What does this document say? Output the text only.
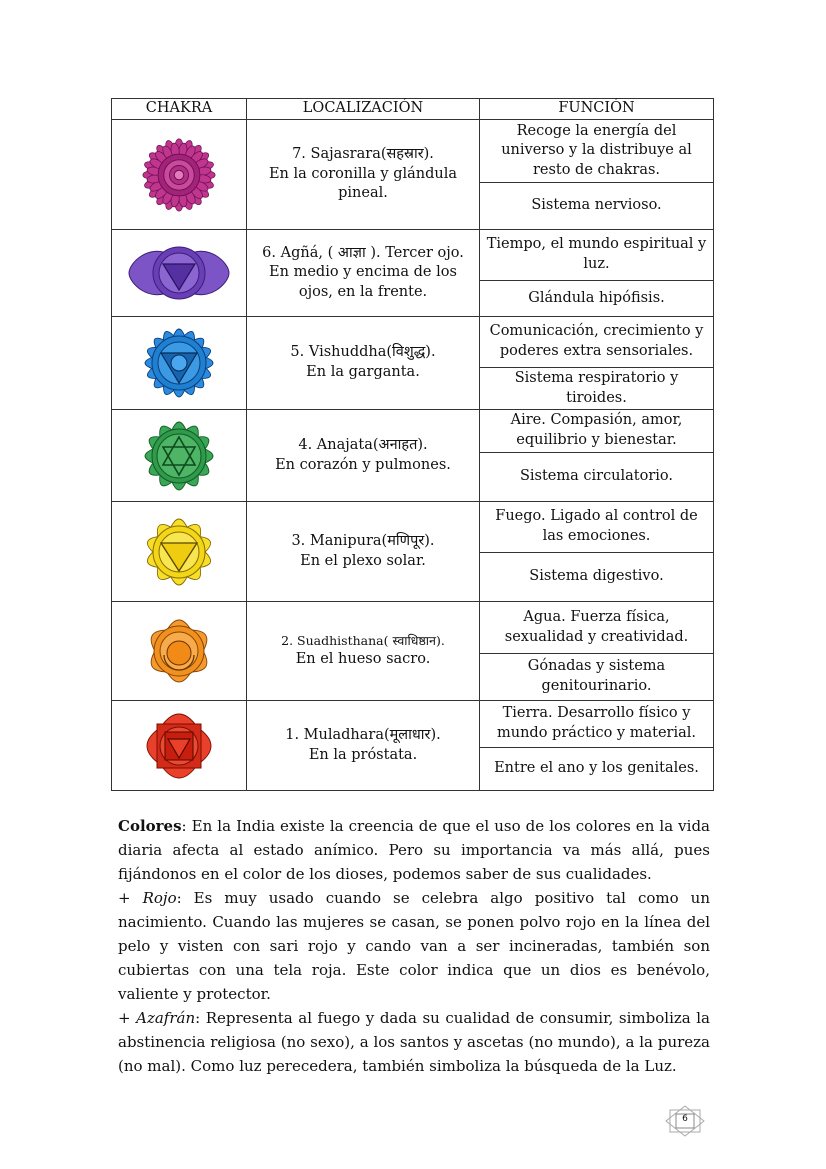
CHAKRA	LOCALIZACIÓN	FUNCIÓN

7. Sajasrara(सहस्रार).
En la coronilla y glándula pineal.	Recoge la energía del universo y la distribuye al resto de chakras.
		Sistema nervioso.

6. Agñá, ( आज्ञा ). Tercer ojo.
En medio y encima de los ojos, en la frente.	Tiempo, el mundo espiritual y luz.
		Glándula hipófisis.

5. Vishuddha(विशुद्ध).
En la garganta.	Comunicación, crecimiento y poderes extra sensoriales.
		Sistema respiratorio y tiroides.

4. Anajata(अनाहत).
En corazón y pulmones.	Aire. Compasión, amor, equilibrio y bienestar.
		Sistema circulatorio.

3. Manipura(मणिपूर).
En el plexo solar.	Fuego. Ligado al control de las emociones.
		Sistema digestivo.

2. Suadhisthana( स्वाधिष्ठान).
En el hueso sacro.	Agua. Fuerza física, sexualidad y creatividad.
		Gónadas y sistema genitourinario.

1. Muladhara(मूलाधार).
En la próstata.	Tierra. Desarrollo físico y mundo práctico y material.
		Entre el ano y los genitales.

Colores: En la India existe la creencia de que el uso de los colores en la vida diaria afecta al estado anímico. Pero su importancia va más allá, pues fijándonos en el color de los dioses, podemos saber de sus cualidades.

+ Rojo: Es muy usado cuando se celebra algo positivo tal como un nacimiento. Cuando las mujeres se casan, se ponen polvo rojo en la línea del pelo y visten con sari rojo y cando van a ser incineradas, también son cubiertas con una tela roja. Este color indica que un dios es benévolo, valiente y protector.

+ Azafrán: Representa al fuego y dada su cualidad de consumir, simboliza la abstinencia religiosa (no sexo), a los santos y ascetas (no mundo), a la pureza (no mal). Como luz perecedera, también simboliza la búsqueda de la Luz.

6
